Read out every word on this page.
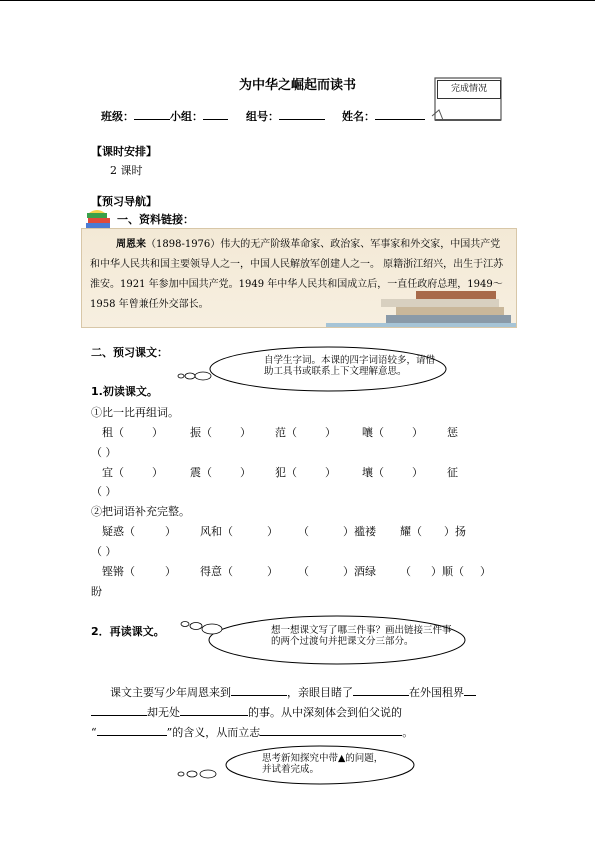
为中华之崛起而读书	完成情况
班级：	小组：	组号：	姓名：
【课时安排】
2 课时
【预习导航】
一、资料链接：
周恩来（1898-1976）伟大的无产阶级革命家、政治家、军事家和外交家，中国共产党和中华人民共和国主要领导人之一，中国人民解放军创建人之一。 原籍浙江绍兴，出生于江苏淮安。1921 年参加中国共产党。1949 年中华人民共和国成立后，一直任政府总理，1949～1958 年曾兼任外交部长。
二、预习课文：
自学生字词。本课的四字词语较多，请借助工具书或联系上下文理解意思。
1.初读课文。
①比一比再组词。
租（	） 振（	） 范（	） 嚷（	） 惩
（ ）
宜（	） 震（	） 犯（	） 壤（	） 征
（ ）
②把词语补充完整。
疑惑（	） 风和（	） （	）褴褛 耀（ ）扬
（ ）
铿锵（	） 得意（	） （	）酒绿 （ ）顺（ ）
盼
2．再读课文。	想一想课文写了哪三件事？画出链接三件事的两个过渡句并把课文分三部分。
课文主要写少年周恩来到	，亲眼目睹了	在外国租界
却无处	的事。从中深刻体会到伯父说的
“	”的含义，从而立志	。
思考新知探究中带▲的问题，并试着完成。
